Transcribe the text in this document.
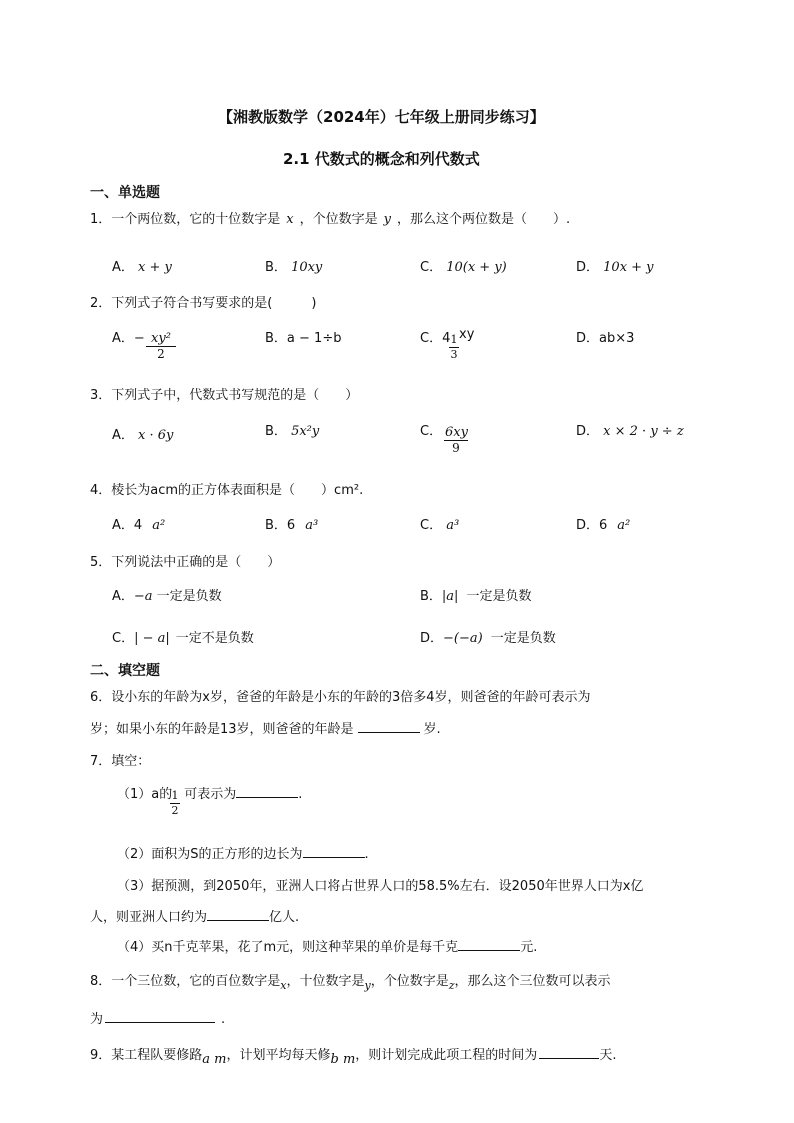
【湘教版数学（2024年）七年级上册同步练习】
2.1 代数式的概念和列代数式
一、单选题
1．一个两位数，它的十位数字是 x ，个位数字是 y ，那么这个两位数是（　　）.
A． x + y	B． 10xy	C． 10(x + y)	D． 10x + y
2．下列式子符合书写要求的是(　　　)
A．− $\frac{\text{xy²}}{2}$	B．a − 1÷b	C．4
$\frac{1}{3}$ xy	D．ab×3
3．下列式子中，代数式书写规范的是（　　）
A． x · 6y	B． 5x²y	C． $\frac{6xy}{9}$	D． x × 2 · y ÷ z
4．棱长为acm的正方体表面积是（　　）cm².
A．4 a²	B．6 a³	C． a³	D．6 a²
5．下列说法中正确的是（　　）
A．−a 一定是负数	B．|a| 一定是负数
C．| − a| 一定不是负数	D．−(−a) 一定是负数
二、填空题
6．设小东的年龄为x岁，爸爸的年龄是小东的年龄的3倍多4岁，则爸爸的年龄可表示为
岁；如果小东的年龄是13岁，则爸爸的年龄是	岁.
7．填空：
（1）a的 可表示为	.
$\frac{1}{2}$
（2）面积为S的正方形的边长为	.
（3）据预测，到2050年，亚洲人口将占世界人口的58.5%左右．设2050年世界人口为x亿
人，则亚洲人口约为	亿人.
（4）买n千克苹果，花了m元，则这种苹果的单价是每千克	元.
8．一个三位数，它的百位数字是$_x$，十位数字是$_y$，个位数字是$_z$，那么这个三位数可以表示
为	.
9．某工程队要修路a m，计划平均每天修b m，则计划完成此项工程的时间为	天.
